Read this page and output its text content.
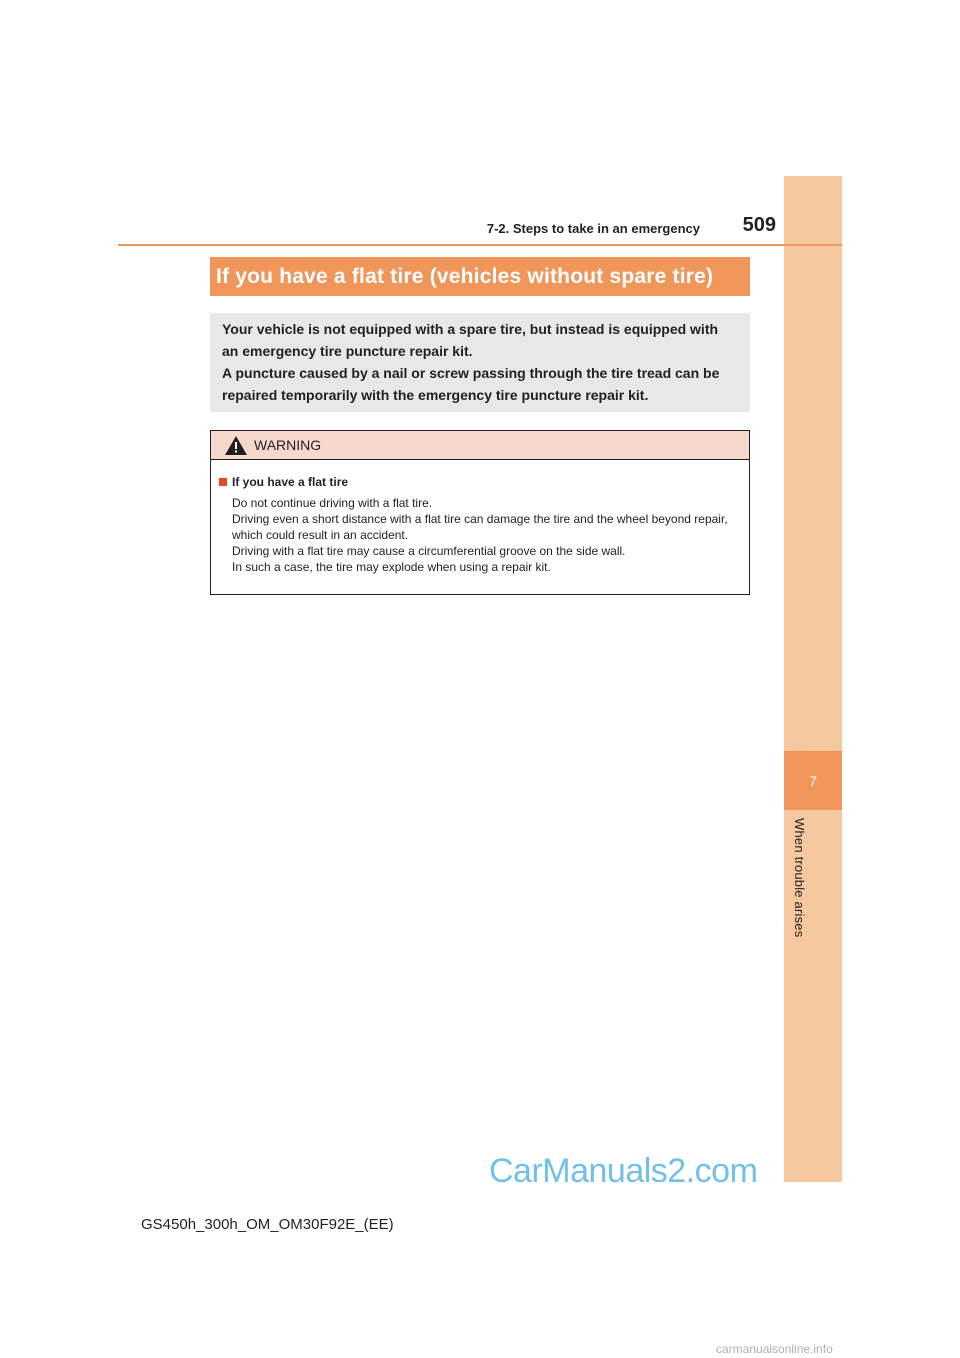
7
When trouble arises
7-2. Steps to take in an emergency	509
If you have a flat tire (vehicles without spare tire)

Your vehicle is not equipped with a spare tire, but instead is equipped with an emergency tire puncture repair kit.

A puncture caused by a nail or screw passing through the tire tread can be repaired temporarily with the emergency tire puncture repair kit.

WARNING
If you have a flat tire

Do not continue driving with a flat tire.

Driving even a short distance with a flat tire can damage the tire and the wheel beyond repair, which could result in an accident.

Driving with a flat tire may cause a circumferential groove on the side wall.

In such a case, the tire may explode when using a repair kit.

CarManuals2.com
GS450h_300h_OM_OM30F92E_(EE)
carmanualsonline.info
